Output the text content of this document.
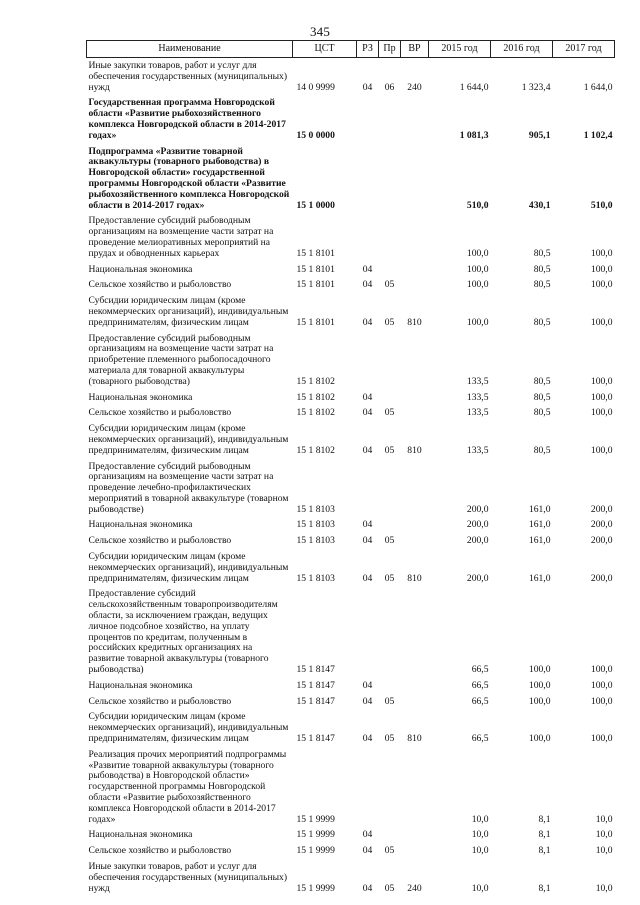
345
Наименование	ЦСТ	РЗ	Пр	ВР	2015 год	2016 год	2017 год
Иные закупки товаров, работ и услуг для обеспечения государственных (муниципальных) нужд	14 0 9999	04	06	240	1 644,0	1 323,4	1 644,0
Государственная программа Новгородской области «Развитие рыбохозяйственного комплекса Новгородской области в 2014-2017 годах»	15 0 0000				1 081,3	905,1	1 102,4
Подпрограмма «Развитие товарной аквакультуры (товарного рыбоводства) в Новгородской области» государственной программы Новгородской области «Развитие рыбохозяйственного комплекса Новгородской области в 2014-2017 годах»	15 1 0000				510,0	430,1	510,0
Предоставление субсидий рыбоводным организациям на возмещение части затрат на проведение мелиоративных мероприятий на прудах и обводненных карьерах	15 1 8101				100,0	80,5	100,0
Национальная экономика	15 1 8101	04			100,0	80,5	100,0
Сельское хозяйство и рыболовство	15 1 8101	04	05		100,0	80,5	100,0
Субсидии юридическим лицам (кроме некоммерческих организаций), индивидуальным предпринимателям, физическим лицам	15 1 8101	04	05	810	100,0	80,5	100,0
Предоставление субсидий рыбоводным организациям на возмещение части затрат на приобретение племенного рыбопосадочного материала для товарной аквакультуры (товарного рыбоводства)	15 1 8102				133,5	80,5	100,0
Национальная экономика	15 1 8102	04			133,5	80,5	100,0
Сельское хозяйство и рыболовство	15 1 8102	04	05		133,5	80,5	100,0
Субсидии юридическим лицам (кроме некоммерческих организаций), индивидуальным предпринимателям, физическим лицам	15 1 8102	04	05	810	133,5	80,5	100,0
Предоставление субсидий рыбоводным организациям на возмещение части затрат на проведение лечебно-профилактических мероприятий в товарной аквакультуре (товарном рыбоводстве)	15 1 8103				200,0	161,0	200,0
Национальная экономика	15 1 8103	04			200,0	161,0	200,0
Сельское хозяйство и рыболовство	15 1 8103	04	05		200,0	161,0	200,0
Субсидии юридическим лицам (кроме некоммерческих организаций), индивидуальным предпринимателям, физическим лицам	15 1 8103	04	05	810	200,0	161,0	200,0
Предоставление субсидий сельскохозяйственным товаропроизводителям области, за исключением граждан, ведущих личное подсобное хозяйство, на уплату процентов по кредитам, полученным в российских кредитных организациях на развитие товарной аквакультуры (товарного рыбоводства)	15 1 8147				66,5	100,0	100,0
Национальная экономика	15 1 8147	04			66,5	100,0	100,0
Сельское хозяйство и рыболовство	15 1 8147	04	05		66,5	100,0	100,0
Субсидии юридическим лицам (кроме некоммерческих организаций), индивидуальным предпринимателям, физическим лицам	15 1 8147	04	05	810	66,5	100,0	100,0
Реализация прочих мероприятий подпрограммы «Развитие товарной аквакультуры (товарного рыбоводства) в Новгородской области» государственной программы Новгородской области «Развитие рыбохозяйственного комплекса Новгородской области в 2014-2017 годах»	15 1 9999				10,0	8,1	10,0
Национальная экономика	15 1 9999	04			10,0	8,1	10,0
Сельское хозяйство и рыболовство	15 1 9999	04	05		10,0	8,1	10,0
Иные закупки товаров, работ и услуг для обеспечения государственных (муниципальных) нужд	15 1 9999	04	05	240	10,0	8,1	10,0
